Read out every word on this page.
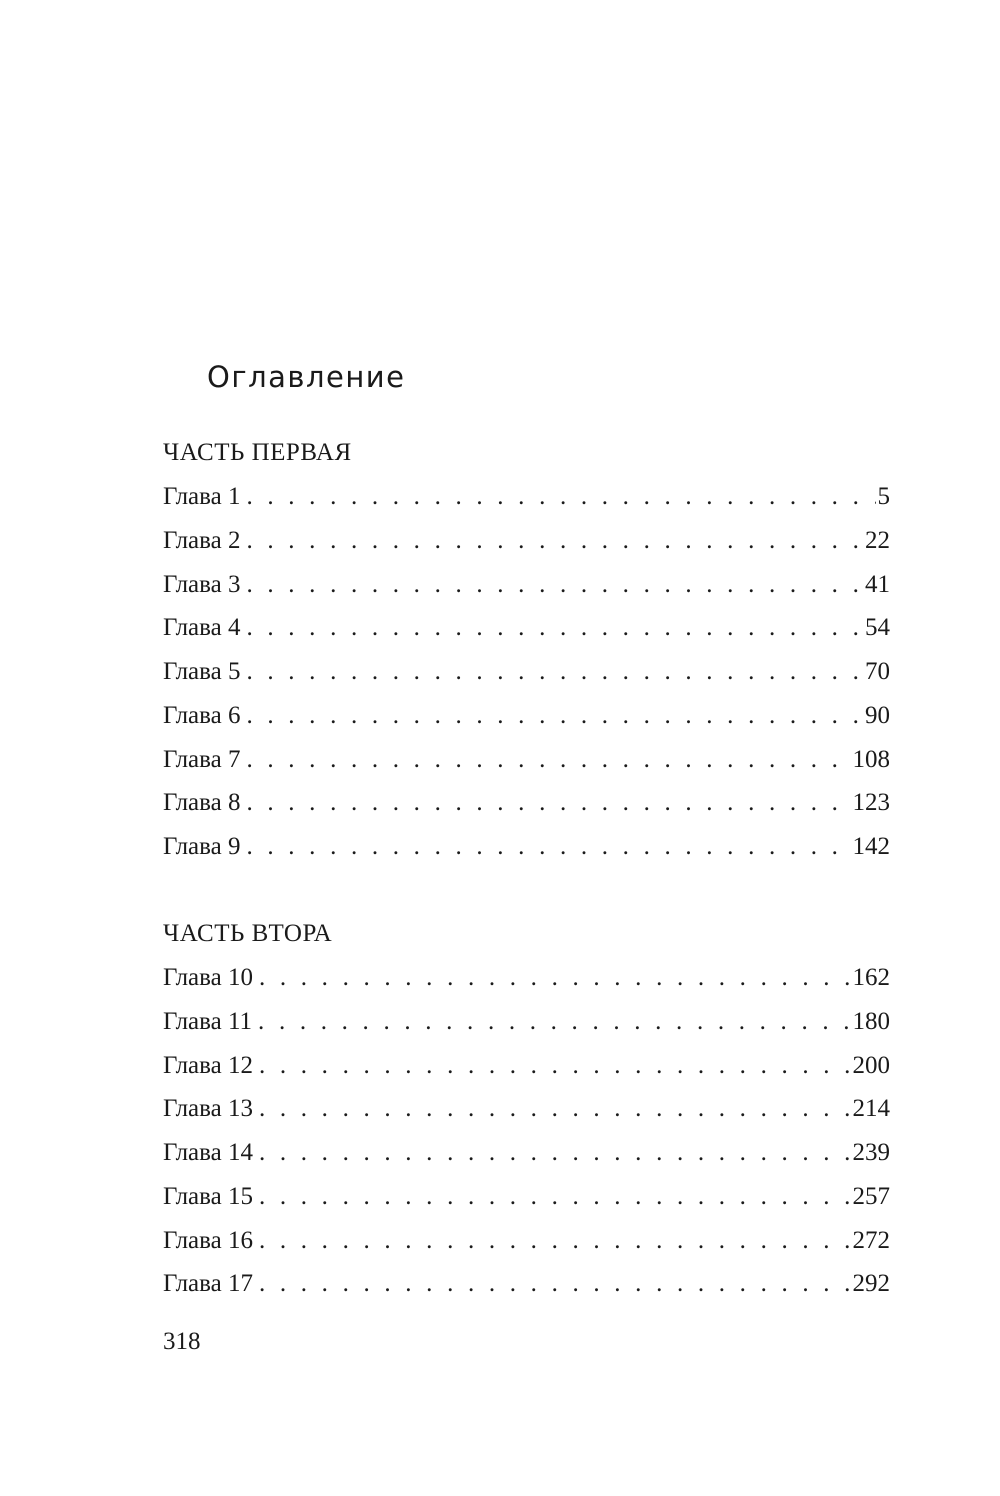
Оглавление
ЧАСТЬ ПЕРВАЯ
Глава 1 . . .	5
Глава 2 . . .	22
Глава 3 . . .	41
Глава 4 . . .	54
Глава 5 . . .	70
Глава 6 . . .	90
Глава 7 . . .	108
Глава 8 . . .	123
Глава 9 . . .	142
ЧАСТЬ ВТОРА
Глава 10 . . .	162
Глава 11 . . .	180
Глава 12 . . .	200
Глава 13 . . .	214
Глава 14 . . .	239
Глава 15 . . .	257
Глава 16 . . .	272
Глава 17 . . .	292
318
